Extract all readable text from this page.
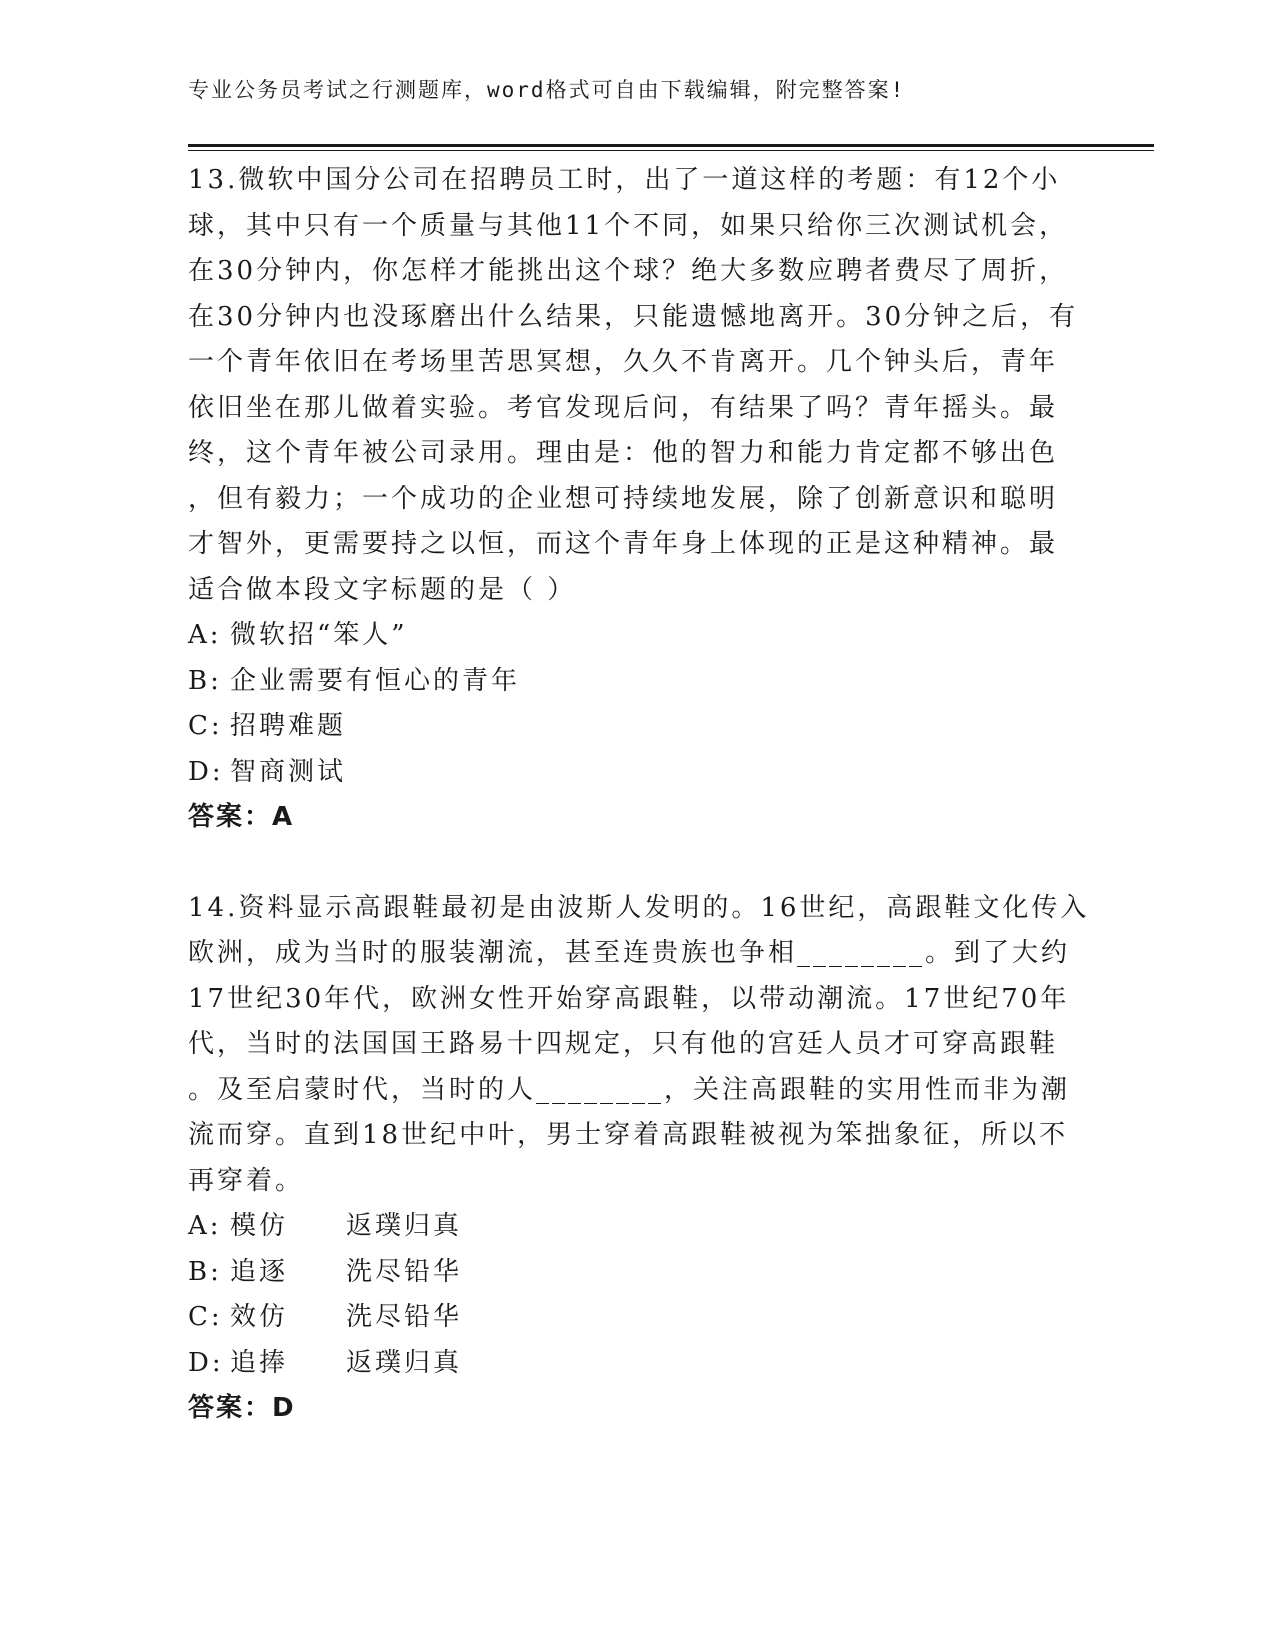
专业公务员考试之行测题库，word格式可自由下载编辑，附完整答案!

13.微软中国分公司在招聘员工时，出了一道这样的考题：有12个小
球，其中只有一个质量与其他11个不同，如果只给你三次测试机会，
在30分钟内，你怎样才能挑出这个球？绝大多数应聘者费尽了周折，
在30分钟内也没琢磨出什么结果，只能遗憾地离开。30分钟之后，有
一个青年依旧在考场里苦思冥想，久久不肯离开。几个钟头后，青年
依旧坐在那儿做着实验。考官发现后问，有结果了吗？青年摇头。最
终，这个青年被公司录用。理由是：他的智力和能力肯定都不够出色
，但有毅力；一个成功的企业想可持续地发展，除了创新意识和聪明
才智外，更需要持之以恒，而这个青年身上体现的正是这种精神。最
适合做本段文字标题的是（ ）

A: 微软招“笨人”
B: 企业需要有恒心的青年
C: 招聘难题
D: 智商测试
答案：A

14.资料显示高跟鞋最初是由波斯人发明的。16世纪，高跟鞋文化传入
欧洲，成为当时的服装潮流，甚至连贵族也争相________。到了大约
17世纪30年代，欧洲女性开始穿高跟鞋，以带动潮流。17世纪70年
代，当时的法国国王路易十四规定，只有他的宫廷人员才可穿高跟鞋
。及至启蒙时代，当时的人________，关注高跟鞋的实用性而非为潮
流而穿。直到18世纪中叶，男士穿着高跟鞋被视为笨拙象征，所以不
再穿着。

A: 模仿	返璞归真
B: 追逐	洗尽铅华
C: 效仿	洗尽铅华
D: 追捧	返璞归真
答案：D
